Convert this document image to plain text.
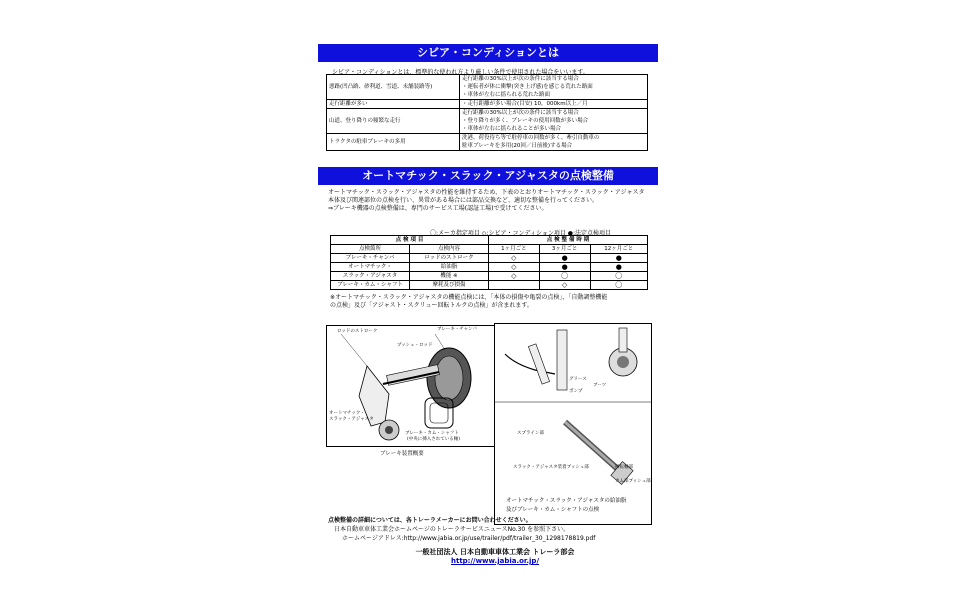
シビア・コンディションとは
シビア・コンディションとは、標準的な使われ方より厳しい条件で使用された場合をいいます。
悪路(凹凸路、砂利道、雪道、未舗装路等)	走行距離の30%以上が次の条件に該当する場合
・運転者が体に衝撃(突き上げ感)を感じる荒れた路面
・車体が左右に揺られる荒れた路面

走行距離が多い	・走行距離が多い場合(目安) 10，000km以上／月

山道、登り降りの頻繁な走行	走行距離の30%以上が次の条件に該当する場合
・登り降りが多く、ブレーキの使用回数が多い場合
・車体が左右に揺られることが多い場合

トラクタの駐車ブレーキの多用	洗港、荷役待ち等で駐停車の回数が多く、牽引自動車の
駐車ブレーキを多用(20回／日前後)する場合
オートマチック・スラック・アジャスタの点検整備
オートマチック・スラック・アジャスタの性能を維持するため、下表のとおりオートマチック・スラック・アジャスタ
本体及び関連部位の点検を行い、異常がある場合には部品交換など、適切な整備を行ってください。
⇒ブレーキ機器の点検整備は、専門のサービス工場(認証工場)で受けてください。
〇:メーカ指定項目 ◇:シビア・コンディション項目 ●:法定点検項目
点 検 項 目		点 検 整 備 時 期		
点検箇所	点検内容	1ヶ月ごと	3ヶ月ごと	12ヶ月ごと
ブレーキ・チャンバ	ロッドのストローク	◇	●	●
オートマチック・	給油脂	◇	●	●
スラック・アジャスタ	機能 ※	◇	〇	〇
ブレーキ・カム・シャフト	摩耗及び損傷		◇	〇
※オートマチック・スラック・アジャスタの機能点検には、「本体の損傷や亀裂の点検」、「自動調整機能
の点検」及び「アジャスト・スクリュー回転トルクの点検」が含まれます。
ロッドのストローク	ブレーキ・チャンバ
プッシュ・ロッド
オートマチック・
スラック・アジャスタ
ブレーキ・カム・シャフト
(中央に挿入されている軸)
ブレーキ装置概要
ブーツ
グリース
ポンプ
スプライン部
スラック・アジャスタ装着ブッシュ部	回転軸部
カム部ブッシュ部
オートマチック・スラック・アジャスタの給油脂
及びブレーキ・カム・シャフトの点検
点検整備の詳細については、各トレーラメーカーにお問い合わせください。
日本自動車車体工業会ホームページのトレーラサービスニュースNo.30 を参照下さい。
ホームページアドレス:http://www.jabia.or.jp/use/trailer/pdf/trailer_30_1298178819.pdf
一般社団法人 日本自動車車体工業会 トレーラ部会
http://www.jabia.or.jp/
